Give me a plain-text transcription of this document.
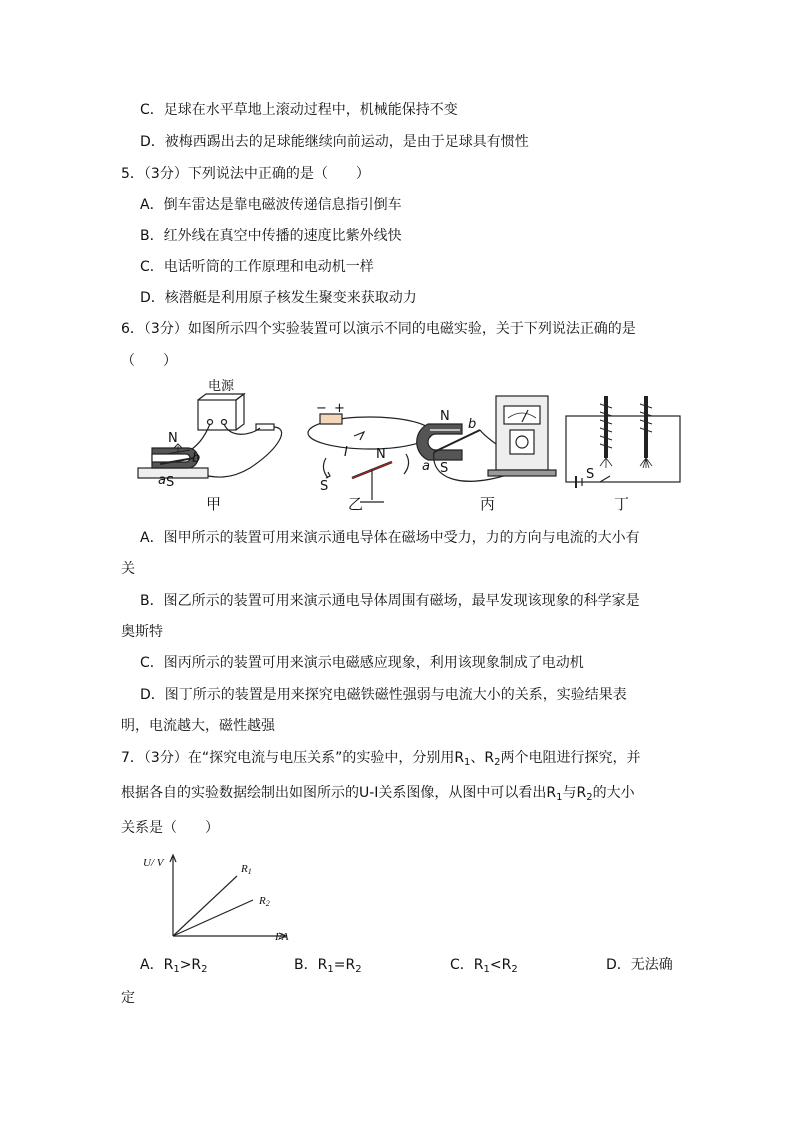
C．足球在水平草地上滚动过程中，机械能保持不变
D．被梅西踢出去的足球能继续向前运动，是由于足球具有惯性
5．（3分）下列说法中正确的是（　　）
A．倒车雷达是靠电磁波传递信息指引倒车
B．红外线在真空中传播的速度比紫外线快
C．电话听筒的工作原理和电动机一样
D．核潜艇是利用原子核发生聚变来获取动力
6．（3分）如图所示四个实验装置可以演示不同的电磁实验，关于下列说法正确的是
（　　）
电源
N
S
a
b
− +
I
S
N
N
S
a
b
S
甲	乙	丙	丁
A．图甲所示的装置可用来演示通电导体在磁场中受力，力的方向与电流的大小有
关
B．图乙所示的装置可用来演示通电导体周围有磁场，最早发现该现象的科学家是
奥斯特
C．图丙所示的装置可用来演示电磁感应现象，利用该现象制成了电动机
D．图丁所示的装置是用来探究电磁铁磁性强弱与电流大小的关系，实验结果表
明，电流越大，磁性越强
7．（3分）在“探究电流与电压关系”的实验中，分别用$R_1$、$R_2$两个电阻进行探究，并
根据各自的实验数据绘制出如图所示的U-I关系图像，从图中可以看出$R_1$与$R_2$的大小
关系是（　　）
U/ V
I/A
R1
R2
A．$R_1>R_2$	B．$R_1=R_2$	C．$R_1<R_2$	D．无法确
定
